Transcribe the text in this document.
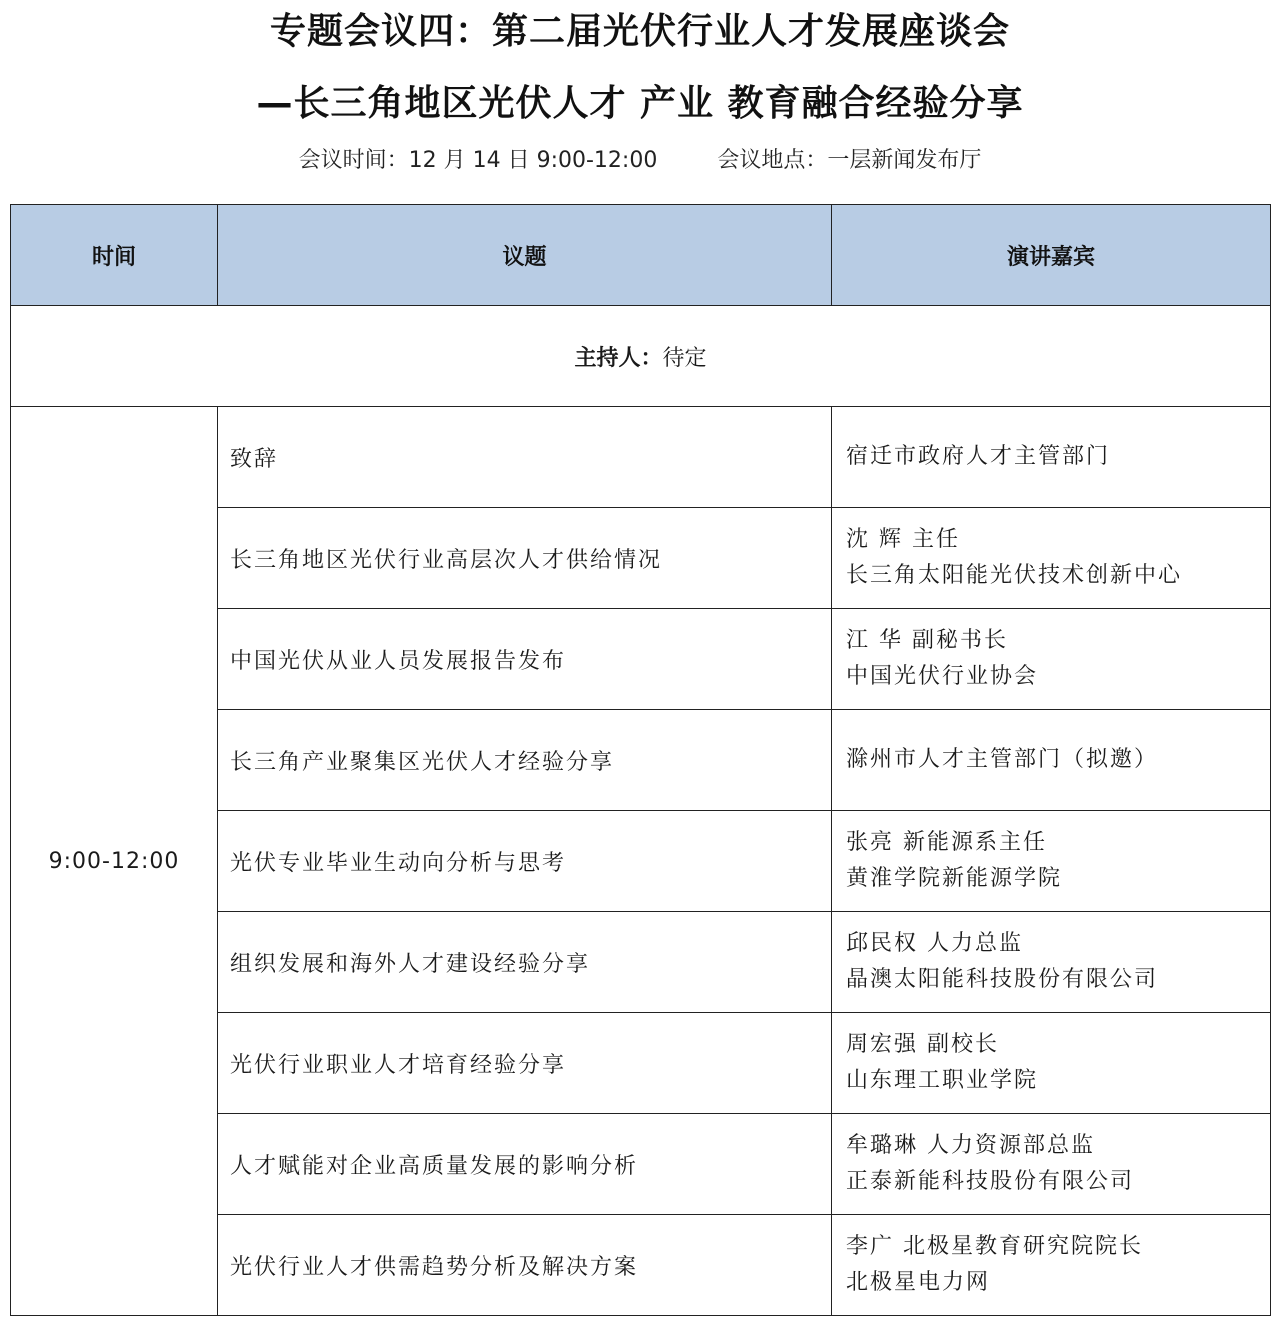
专题会议四：第二届光伏行业人才发展座谈会
—长三角地区光伏人才 产业 教育融合经验分享
会议时间：12 月 14 日 9:00-12:00	会议地点：一层新闻发布厅
时间	议题	演讲嘉宾
主持人：待定		
9:00-12:00	致辞	宿迁市政府人才主管部门

	长三角地区光伏行业高层次人才供给情况	沈 辉 主任
长三角太阳能光伏技术创新中心

	中国光伏从业人员发展报告发布	江 华 副秘书长
中国光伏行业协会

	长三角产业聚集区光伏人才经验分享	滁州市人才主管部门（拟邀）

	光伏专业毕业生动向分析与思考	张亮 新能源系主任
黄淮学院新能源学院

	组织发展和海外人才建设经验分享	邱民权 人力总监
晶澳太阳能科技股份有限公司

	光伏行业职业人才培育经验分享	周宏强 副校长
山东理工职业学院

	人才赋能对企业高质量发展的影响分析	牟璐琳 人力资源部总监
正泰新能科技股份有限公司

	光伏行业人才供需趋势分析及解决方案	李广 北极星教育研究院院长
北极星电力网
